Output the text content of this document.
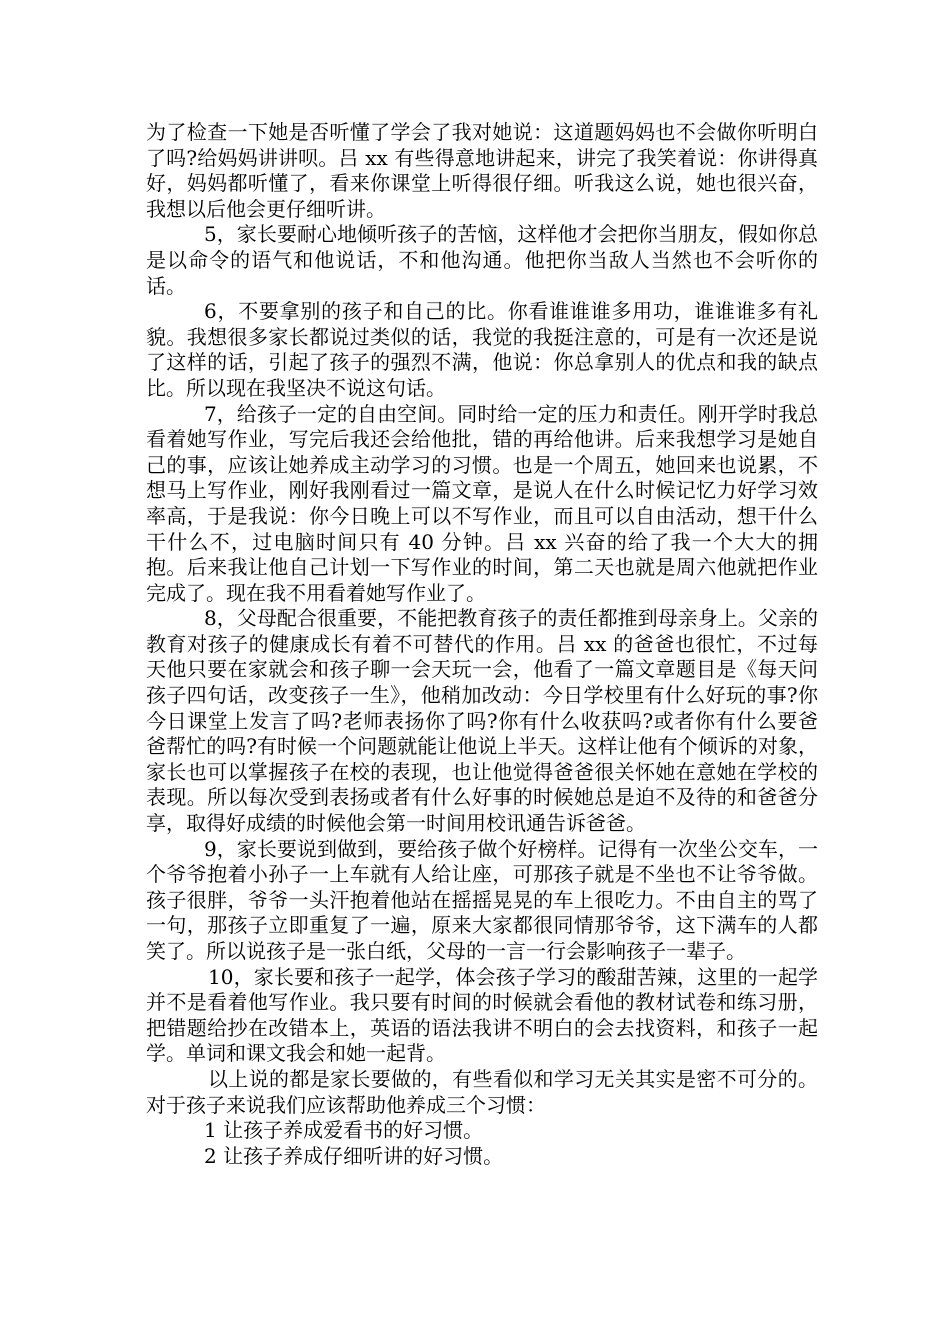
为了检查一下她是否听懂了学会了我对她说：这道题妈妈也不会做你听明白了吗?给妈妈讲讲呗。吕 xx 有些得意地讲起来，讲完了我笑着说：你讲得真好，妈妈都听懂了，看来你课堂上听得很仔细。听我这么说，她也很兴奋，我想以后他会更仔细听讲。

5，家长要耐心地倾听孩子的苦恼，这样他才会把你当朋友，假如你总是以命令的语气和他说话，不和他沟通。他把你当敌人当然也不会听你的话。

6，不要拿别的孩子和自己的比。你看谁谁谁多用功，谁谁谁多有礼貌。我想很多家长都说过类似的话，我觉的我挺注意的，可是有一次还是说了这样的话，引起了孩子的强烈不满，他说：你总拿别人的优点和我的缺点比。所以现在我坚决不说这句话。

7，给孩子一定的自由空间。同时给一定的压力和责任。刚开学时我总看着她写作业，写完后我还会给他批，错的再给他讲。后来我想学习是她自己的事，应该让她养成主动学习的习惯。也是一个周五，她回来也说累，不想马上写作业，刚好我刚看过一篇文章，是说人在什么时候记忆力好学习效率高，于是我说：你今日晚上可以不写作业，而且可以自由活动，想干什么干什么不，过电脑时间只有 40 分钟。吕 xx 兴奋的给了我一个大大的拥抱。后来我让他自己计划一下写作业的时间，第二天也就是周六他就把作业完成了。现在我不用看着她写作业了。

8，父母配合很重要，不能把教育孩子的责任都推到母亲身上。父亲的教育对孩子的健康成长有着不可替代的作用。吕 xx 的爸爸也很忙，不过每天他只要在家就会和孩子聊一会天玩一会，他看了一篇文章题目是《每天问孩子四句话，改变孩子一生》，他稍加改动：今日学校里有什么好玩的事?你今日课堂上发言了吗?老师表扬你了吗?你有什么收获吗?或者你有什么要爸爸帮忙的吗?有时候一个问题就能让他说上半天。这样让他有个倾诉的对象，家长也可以掌握孩子在校的表现，也让他觉得爸爸很关怀她在意她在学校的表现。所以每次受到表扬或者有什么好事的时候她总是迫不及待的和爸爸分享，取得好成绩的时候他会第一时间用校讯通告诉爸爸。

9，家长要说到做到，要给孩子做个好榜样。记得有一次坐公交车，一个爷爷抱着小孙子一上车就有人给让座，可那孩子就是不坐也不让爷爷做。孩子很胖，爷爷一头汗抱着他站在摇摇晃晃的车上很吃力。不由自主的骂了一句，那孩子立即重复了一遍，原来大家都很同情那爷爷，这下满车的人都笑了。所以说孩子是一张白纸，父母的一言一行会影响孩子一辈子。

10，家长要和孩子一起学，体会孩子学习的酸甜苦辣，这里的一起学并不是看着他写作业。我只要有时间的时候就会看他的教材试卷和练习册，把错题给抄在改错本上，英语的语法我讲不明白的会去找资料，和孩子一起学。单词和课文我会和她一起背。

以上说的都是家长要做的，有些看似和学习无关其实是密不可分的。对于孩子来说我们应该帮助他养成三个习惯：

1 让孩子养成爱看书的好习惯。

2 让孩子养成仔细听讲的好习惯。
